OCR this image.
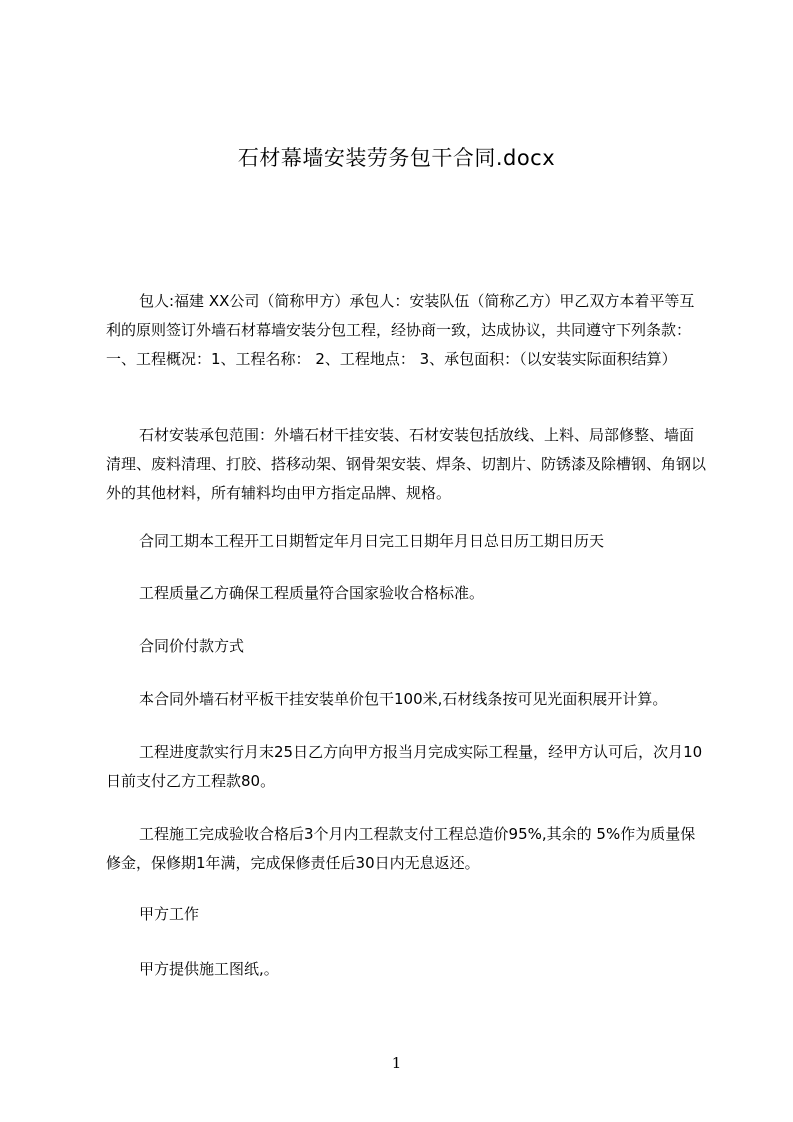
石材幕墙安装劳务包干合同.docx
包人:福建 XX公司（简称甲方）承包人：安装队伍（简称乙方）甲乙双方本着平等互利的原则签订外墙石材幕墙安装分包工程，经协商一致，达成协议，共同遵守下列条款：一、工程概况：1、工程名称： 2、工程地点： 3、承包面积：（以安装实际面积结算）
石材安装承包范围：外墙石材干挂安装、石材安装包括放线、上料、局部修整、墙面清理、废料清理、打胶、搭移动架、钢骨架安装、焊条、切割片、防锈漆及除槽钢、角钢以外的其他材料，所有辅料均由甲方指定品牌、规格。
合同工期本工程开工日期暂定年月日完工日期年月日总日历工期日历天
工程质量乙方确保工程质量符合国家验收合格标准。
合同价付款方式
本合同外墙石材平板干挂安装单价包干100米,石材线条按可见光面积展开计算。
工程进度款实行月末25日乙方向甲方报当月完成实际工程量，经甲方认可后，次月10日前支付乙方工程款80。
工程施工完成验收合格后3个月内工程款支付工程总造价95%,其余的 5%作为质量保修金，保修期1年满，完成保修责任后30日内无息返还。
甲方工作
甲方提供施工图纸,。
1
